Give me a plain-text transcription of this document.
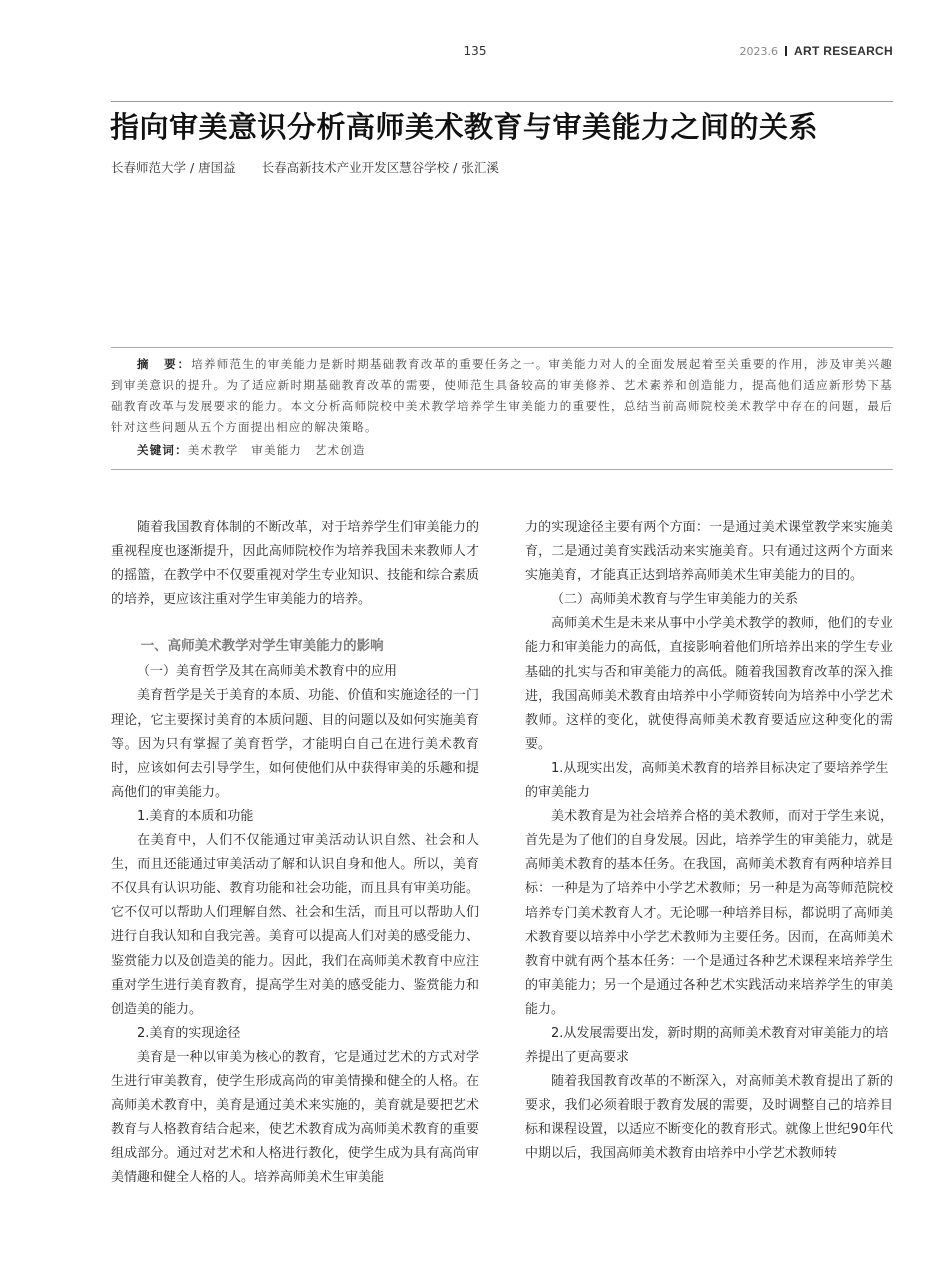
135	2023.6 ART RESEARCH
指向审美意识分析高师美术教育与审美能力之间的关系
长春师范大学 / 唐国益 长春高新技术产业开发区慧谷学校 / 张汇溪
摘　要：培养师范生的审美能力是新时期基础教育改革的重要任务之一。审美能力对人的全面发展起着至关重要的作用，涉及审美兴趣到审美意识的提升。为了适应新时期基础教育改革的需要，使师范生具备较高的审美修养、艺术素养和创造能力，提高他们适应新形势下基础教育改革与发展要求的能力。本文分析高师院校中美术教学培养学生审美能力的重要性，总结当前高师院校美术教学中存在的问题，最后针对这些问题从五个方面提出相应的解决策略。
关键词：美术教学　审美能力　艺术创造

随着我国教育体制的不断改革，对于培养学生们审美能力的重视程度也逐渐提升，因此高师院校作为培养我国未来教师人才的摇篮，在教学中不仅要重视对学生专业知识、技能和综合素质的培养，更应该注重对学生审美能力的培养。

一、高师美术教学对学生审美能力的影响

（一）美育哲学及其在高师美术教育中的应用

美育哲学是关于美育的本质、功能、价值和实施途径的一门理论，它主要探讨美育的本质问题、目的问题以及如何实施美育等。因为只有掌握了美育哲学，才能明白自己在进行美术教育时，应该如何去引导学生，如何使他们从中获得审美的乐趣和提高他们的审美能力。

1.美育的本质和功能

在美育中，人们不仅能通过审美活动认识自然、社会和人生，而且还能通过审美活动了解和认识自身和他人。所以，美育不仅具有认识功能、教育功能和社会功能，而且具有审美功能。它不仅可以帮助人们理解自然、社会和生活，而且可以帮助人们进行自我认知和自我完善。美育可以提高人们对美的感受能力、鉴赏能力以及创造美的能力。因此，我们在高师美术教育中应注重对学生进行美育教育，提高学生对美的感受能力、鉴赏能力和创造美的能力。

2.美育的实现途径

美育是一种以审美为核心的教育，它是通过艺术的方式对学生进行审美教育，使学生形成高尚的审美情操和健全的人格。在高师美术教育中，美育是通过美术来实施的，美育就是要把艺术教育与人格教育结合起来，使艺术教育成为高师美术教育的重要组成部分。通过对艺术和人格进行教化，使学生成为具有高尚审美情趣和健全人格的人。培养高师美术生审美能

力的实现途径主要有两个方面：一是通过美术课堂教学来实施美育，二是通过美育实践活动来实施美育。只有通过这两个方面来实施美育，才能真正达到培养高师美术生审美能力的目的。

（二）高师美术教育与学生审美能力的关系

高师美术生是未来从事中小学美术教学的教师，他们的专业能力和审美能力的高低，直接影响着他们所培养出来的学生专业基础的扎实与否和审美能力的高低。随着我国教育改革的深入推进，我国高师美术教育由培养中小学师资转向为培养中小学艺术教师。这样的变化，就使得高师美术教育要适应这种变化的需要。

1.从现实出发，高师美术教育的培养目标决定了要培养学生的审美能力

美术教育是为社会培养合格的美术教师，而对于学生来说，首先是为了他们的自身发展。因此，培养学生的审美能力，就是高师美术教育的基本任务。在我国，高师美术教育有两种培养目标：一种是为了培养中小学艺术教师；另一种是为高等师范院校培养专门美术教育人才。无论哪一种培养目标，都说明了高师美术教育要以培养中小学艺术教师为主要任务。因而，在高师美术教育中就有两个基本任务：一个是通过各种艺术课程来培养学生的审美能力；另一个是通过各种艺术实践活动来培养学生的审美能力。

2.从发展需要出发，新时期的高师美术教育对审美能力的培养提出了更高要求

随着我国教育改革的不断深入，对高师美术教育提出了新的要求，我们必须着眼于教育发展的需要，及时调整自己的培养目标和课程设置，以适应不断变化的教育形式。就像上世纪90年代中期以后，我国高师美术教育由培养中小学艺术教师转
